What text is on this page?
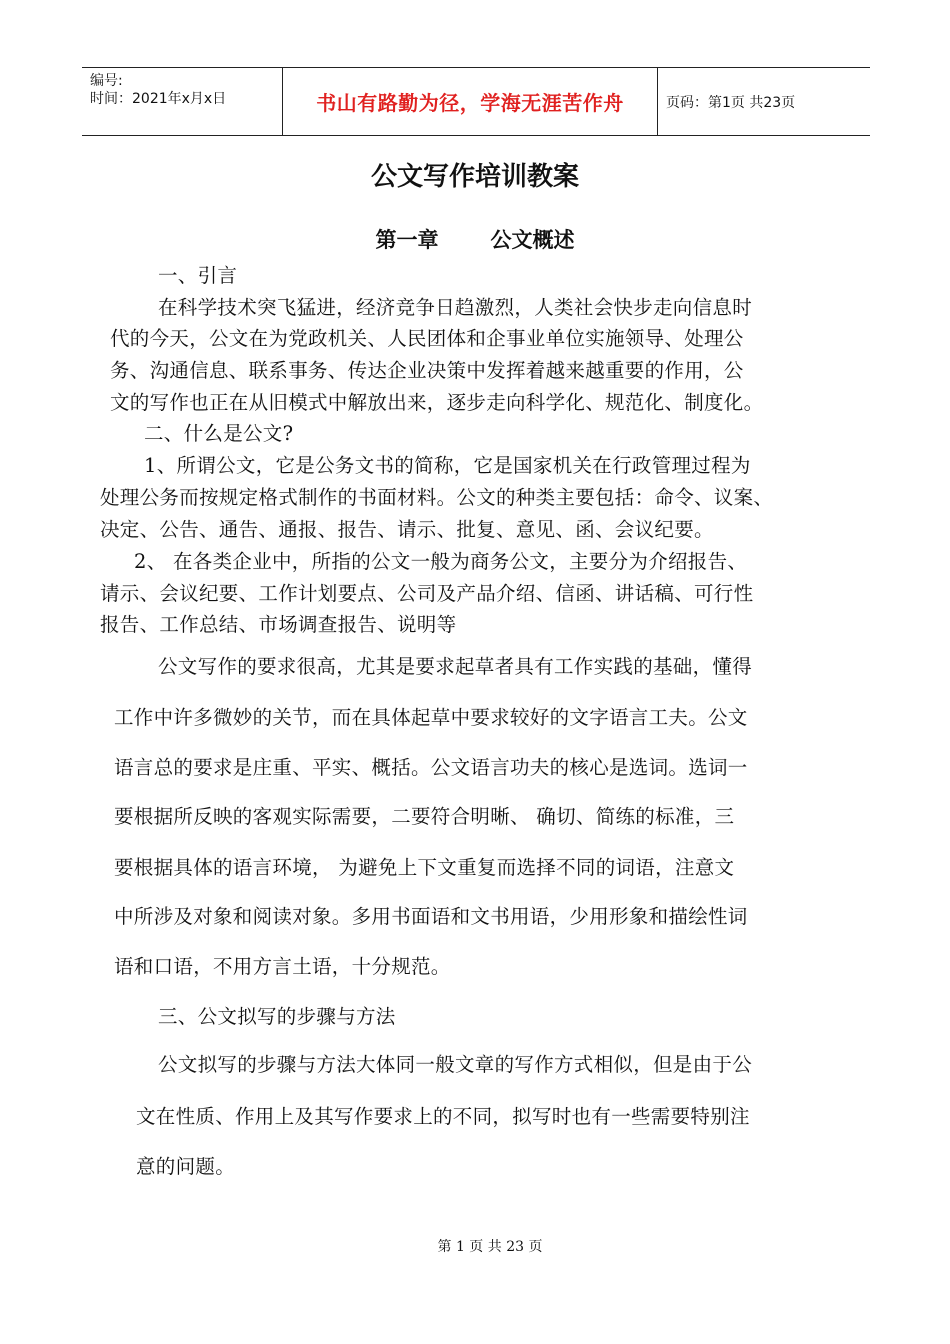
编号:
时间：2021年x月x日	书山有路勤为径，学海无涯苦作舟	页码：第1页 共23页
公文写作培训教案
第一章 公文概述
一、引言
在科学技术突飞猛进，经济竞争日趋激烈，人类社会快步走向信息时
代的今天，公文在为党政机关、人民团体和企事业单位实施领导、处理公
务、沟通信息、联系事务、传达企业决策中发挥着越来越重要的作用，公
文的写作也正在从旧模式中解放出来，逐步走向科学化、规范化、制度化。
二、什么是公文?
1、所谓公文，它是公务文书的简称，它是国家机关在行政管理过程为
处理公务而按规定格式制作的书面材料。公文的种类主要包括：命令、议案、
决定、公告、通告、通报、报告、请示、批复、意见、函、会议纪要。
2、 在各类企业中，所指的公文一般为商务公文，主要分为介绍报告、
请示、会议纪要、工作计划要点、公司及产品介绍、信函、讲话稿、可行性
报告、工作总结、市场调查报告、说明等
公文写作的要求很高，尤其是要求起草者具有工作实践的基础，懂得
工作中许多微妙的关节，而在具体起草中要求较好的文字语言工夫。公文
语言总的要求是庄重、平实、概括。公文语言功夫的核心是选词。选词一
要根据所反映的客观实际需要，二要符合明晰、 确切、简练的标准，三
要根据具体的语言环境， 为避免上下文重复而选择不同的词语，注意文
中所涉及对象和阅读对象。多用书面语和文书用语，少用形象和描绘性词
语和口语，不用方言土语，十分规范。
三、公文拟写的步骤与方法
公文拟写的步骤与方法大体同一般文章的写作方式相似，但是由于公
文在性质、作用上及其写作要求上的不同，拟写时也有一些需要特别注
意的问题。
第 1 页 共 23 页
